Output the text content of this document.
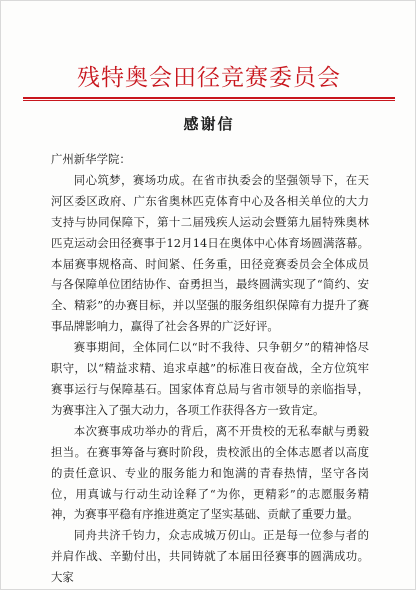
残特奥会田径竞赛委员会
感谢信

广州新华学院：

同心筑梦，赛场功成。在省市执委会的坚强领导下，在天河区委区政府、广东省奥林匹克体育中心及各相关单位的大力支持与协同保障下，第十二届残疾人运动会暨第九届特殊奥林匹克运动会田径赛事于12月14日在奥体中心体育场圆满落幕。本届赛事规格高、时间紧、任务重，田径竞赛委员会全体成员与各保障单位团结协作、奋勇担当，最终圆满实现了“简约、安全、精彩”的办赛目标，并以坚强的服务组织保障有力提升了赛事品牌影响力，赢得了社会各界的广泛好评。

赛事期间，全体同仁以“时不我待、只争朝夕”的精神恪尽职守，以“精益求精、追求卓越”的标准日夜奋战，全方位筑牢赛事运行与保障基石。国家体育总局与省市领导的亲临指导，为赛事注入了强大动力，各项工作获得各方一致肯定。

本次赛事成功举办的背后，离不开贵校的无私奉献与勇毅担当。在赛事筹备与赛时阶段，贵校派出的全体志愿者以高度的责任意识、专业的服务能力和饱满的青春热情，坚守各岗位，用真诚与行动生动诠释了“为你，更精彩”的志愿服务精神，为赛事平稳有序推进奠定了坚实基础、贡献了重要力量。

同舟共济千钧力，众志成城万仞山。正是每一位参与者的并肩作战、辛勤付出，共同铸就了本届田径赛事的圆满成功。大家
